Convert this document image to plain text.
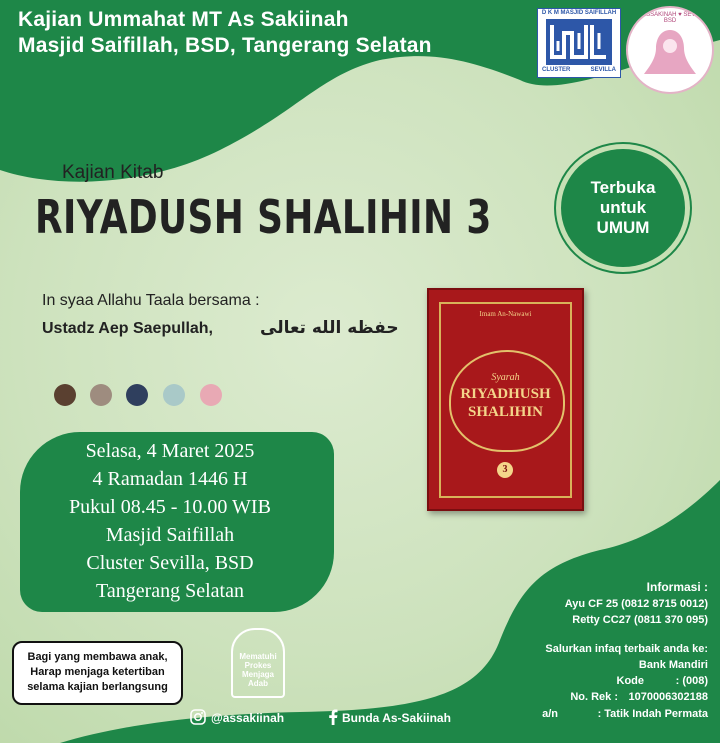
Kajian Ummahat MT As Sakiinah
Masjid Saifillah, BSD, Tangerang Selatan
D K M MASJID SAIFILLAH
CLUSTER	SEVILLA
MT ASSAKINAH ♥ SEVILLA BSD
Terbuka
untuk
UMUM
Kajian Kitab
RIYADUSH SHALIHIN 3
In syaa Allahu Taala bersama :
Ustadz Aep Saepullah,	حفظه الله تعالى
Selasa, 4 Maret 2025
4 Ramadan 1446 H
Pukul 08.45 - 10.00 WIB
Masjid Saifillah
Cluster Sevilla, BSD
Tangerang Selatan
Imam An-Nawawi
Syarah
RIYADHUSH
SHALIHIN
3
Informasi :
Ayu CF 25 (0812 8715 0012)
Retty CC27 (0811 370 095)
Salurkan infaq terbaik anda ke:
Bank Mandiri
Kode	: (008)
No. Rek : 1070006302188
a/n	: Tatik Indah Permata
Bagi yang membawa anak,
Harap menjaga ketertiban
selama kajian berlangsung
Mematuhi
Prokes
Menjaga
Adab
@assakiinah	Bunda As-Sakiinah
